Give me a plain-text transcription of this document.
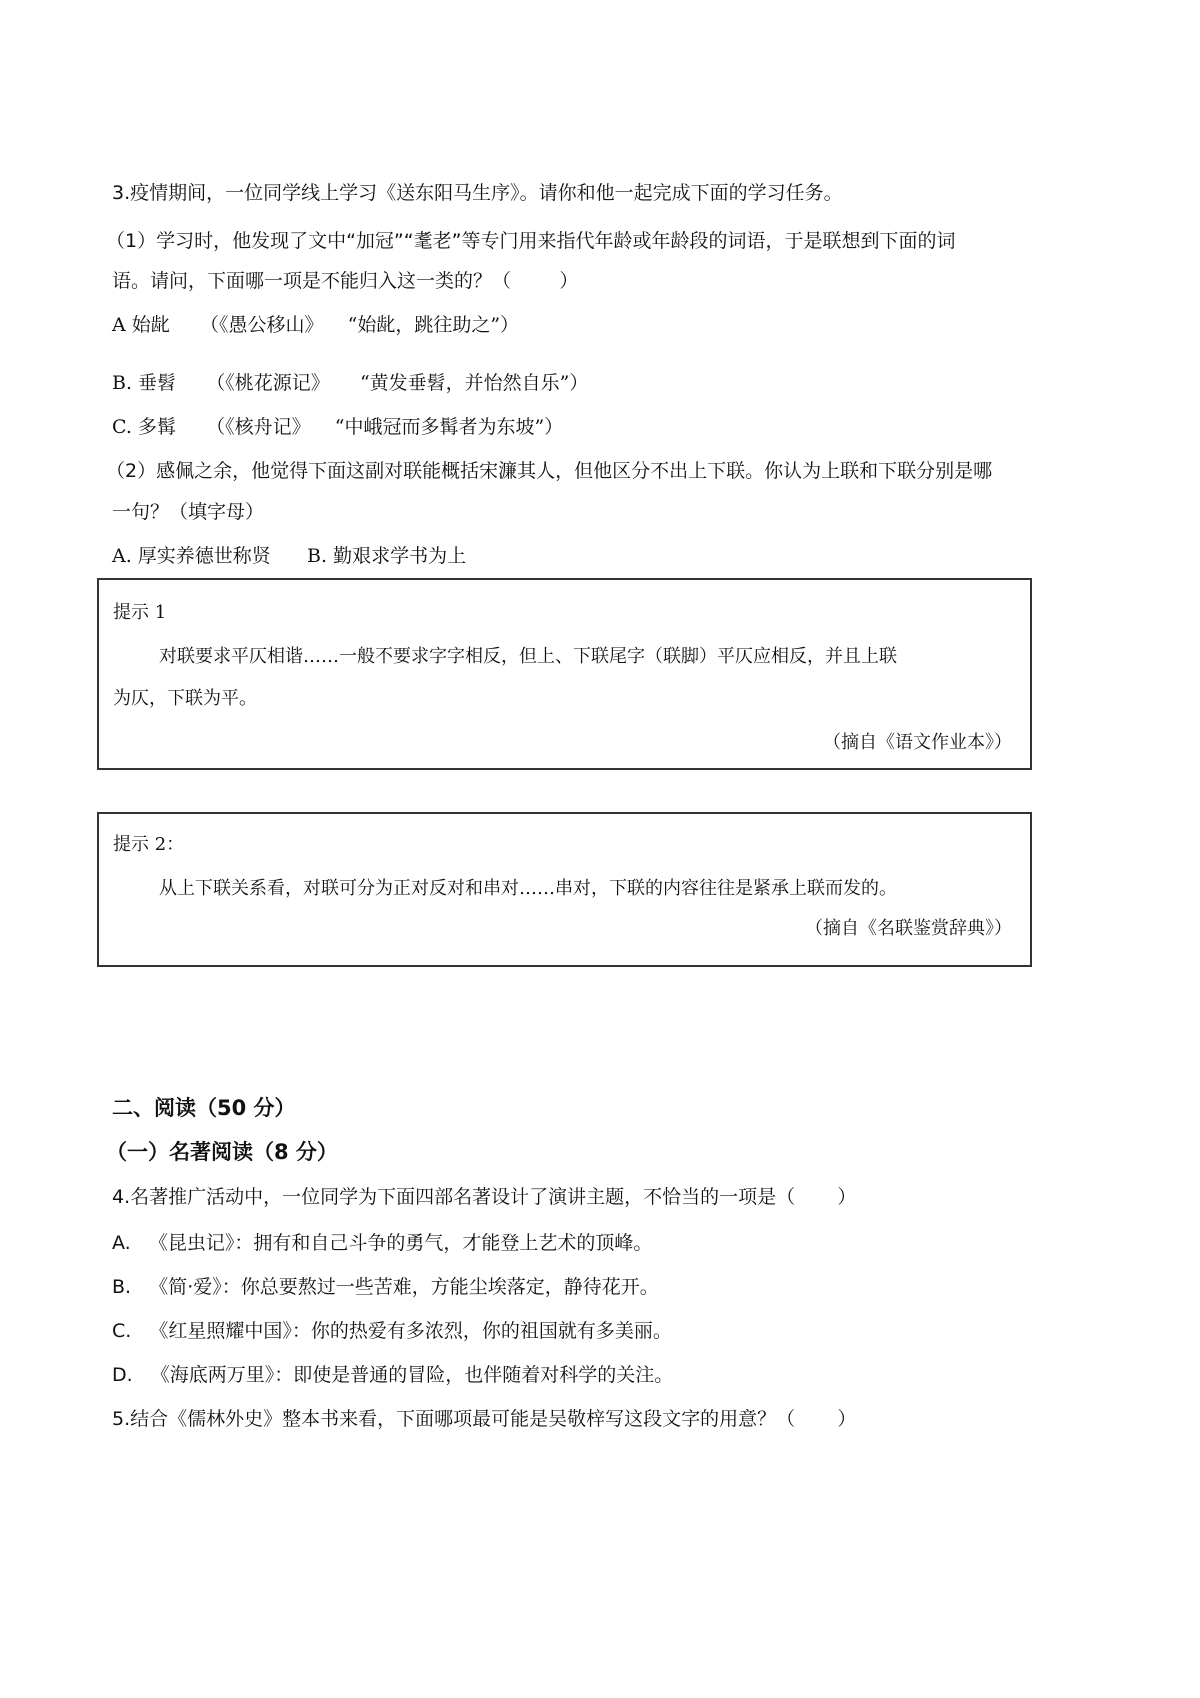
3.疫情期间，一位同学线上学习《送东阳马生序》。请你和他一起完成下面的学习任务。
（1）学习时，他发现了文中“加冠”“耄老”等专门用来指代年龄或年龄段的词语，于是联想到下面的词
语。请问，下面哪一项是不能归入这一类的？（        ）
A 始龀     （《愚公移山》    “始龀，跳往助之”）
B. 垂髫     （《桃花源记》     “黄发垂髫，并怡然自乐”）
C. 多髯     （《核舟记》    “中峨冠而多髯者为东坡”）
（2）感佩之余，他觉得下面这副对联能概括宋濂其人，但他区分不出上下联。你认为上联和下联分别是哪
一句？（填字母）
A. 厚实养德世称贤      B. 勤艰求学书为上
提示 1
对联要求平仄相谐……一般不要求字字相反，但上、下联尾字（联脚）平仄应相反，并且上联
为仄，下联为平。
（摘自《语文作业本》）
提示 2：
从上下联关系看，对联可分为正对反对和串对……串对，下联的内容往往是紧承上联而发的。
（摘自《名联鉴赏辞典》）
二、阅读（50 分）
（一）名著阅读（8 分）
4.名著推广活动中，一位同学为下面四部名著设计了演讲主题，不恰当的一项是（       ）
A.   《昆虫记》：拥有和自己斗争的勇气，才能登上艺术的顶峰。
B.   《简·爱》：你总要熬过一些苦难，方能尘埃落定，静待花开。
C.   《红星照耀中国》：你的热爱有多浓烈，你的祖国就有多美丽。
D.   《海底两万里》：即使是普通的冒险，也伴随着对科学的关注。
5.结合《儒林外史》整本书来看，下面哪项最可能是吴敬梓写这段文字的用意？（       ）
